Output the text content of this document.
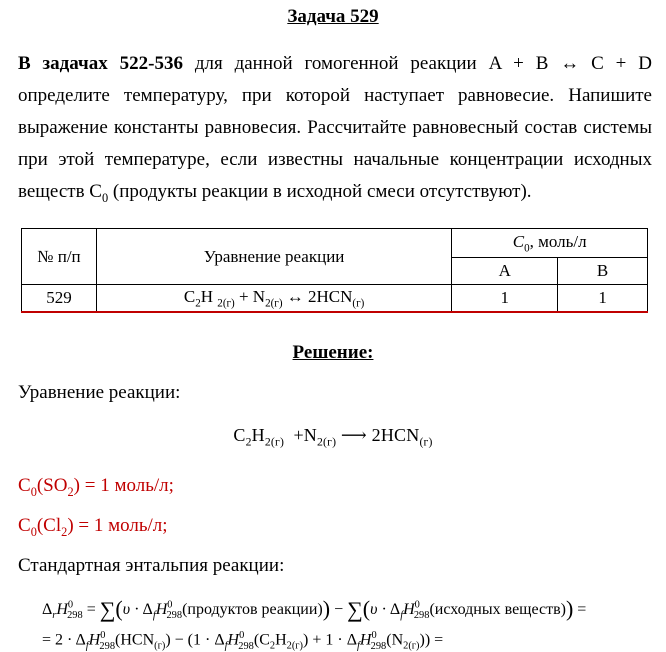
Задача 529
В задачах 522-536 для данной гомогенной реакции A + B ↔ C + D определите температуру, при которой наступает равновесие. Напишите выражение константы равновесия. Рассчитайте равновесный состав системы при этой температуре, если известны начальные концентрации исходных веществ $C_0$ (продукты реакции в исходной смеси отсутствуют).
№ п/п	Уравнение реакции	$C_0$, моль/л	
		A	B
529	$C_2H$ $_{2(г)} + N_{2(г)}$ ↔ $2HCN_{(г)}$	1	1
Решение:
Уравнение реакции:
$C_2H_{2(г)} +N_{2(г)}$ ⟶ $2HCN_{(г)}$
$C_0(SO_2) = 1$ моль/л;
$C_0(Cl_2) = 1$ моль/л;
Стандартная энтальпия реакции:
$\Delta_rH^0_{298} = \sum(\upsilon$ · $\Delta_fH^0_{298}(продуктов$ реакции)) − $\sum(\upsilon \cdot \Delta_fH^0_{298}(исходных$ веществ)) =
= $2 \cdot \Delta_fH^0_{298}(HCN_{(г)}) - (1 \cdot \Delta_fH^0_{298}(C_2H_{2(г)}) + 1 \cdot \Delta_fH^0_{298}(N_{2(г)}))$ =
